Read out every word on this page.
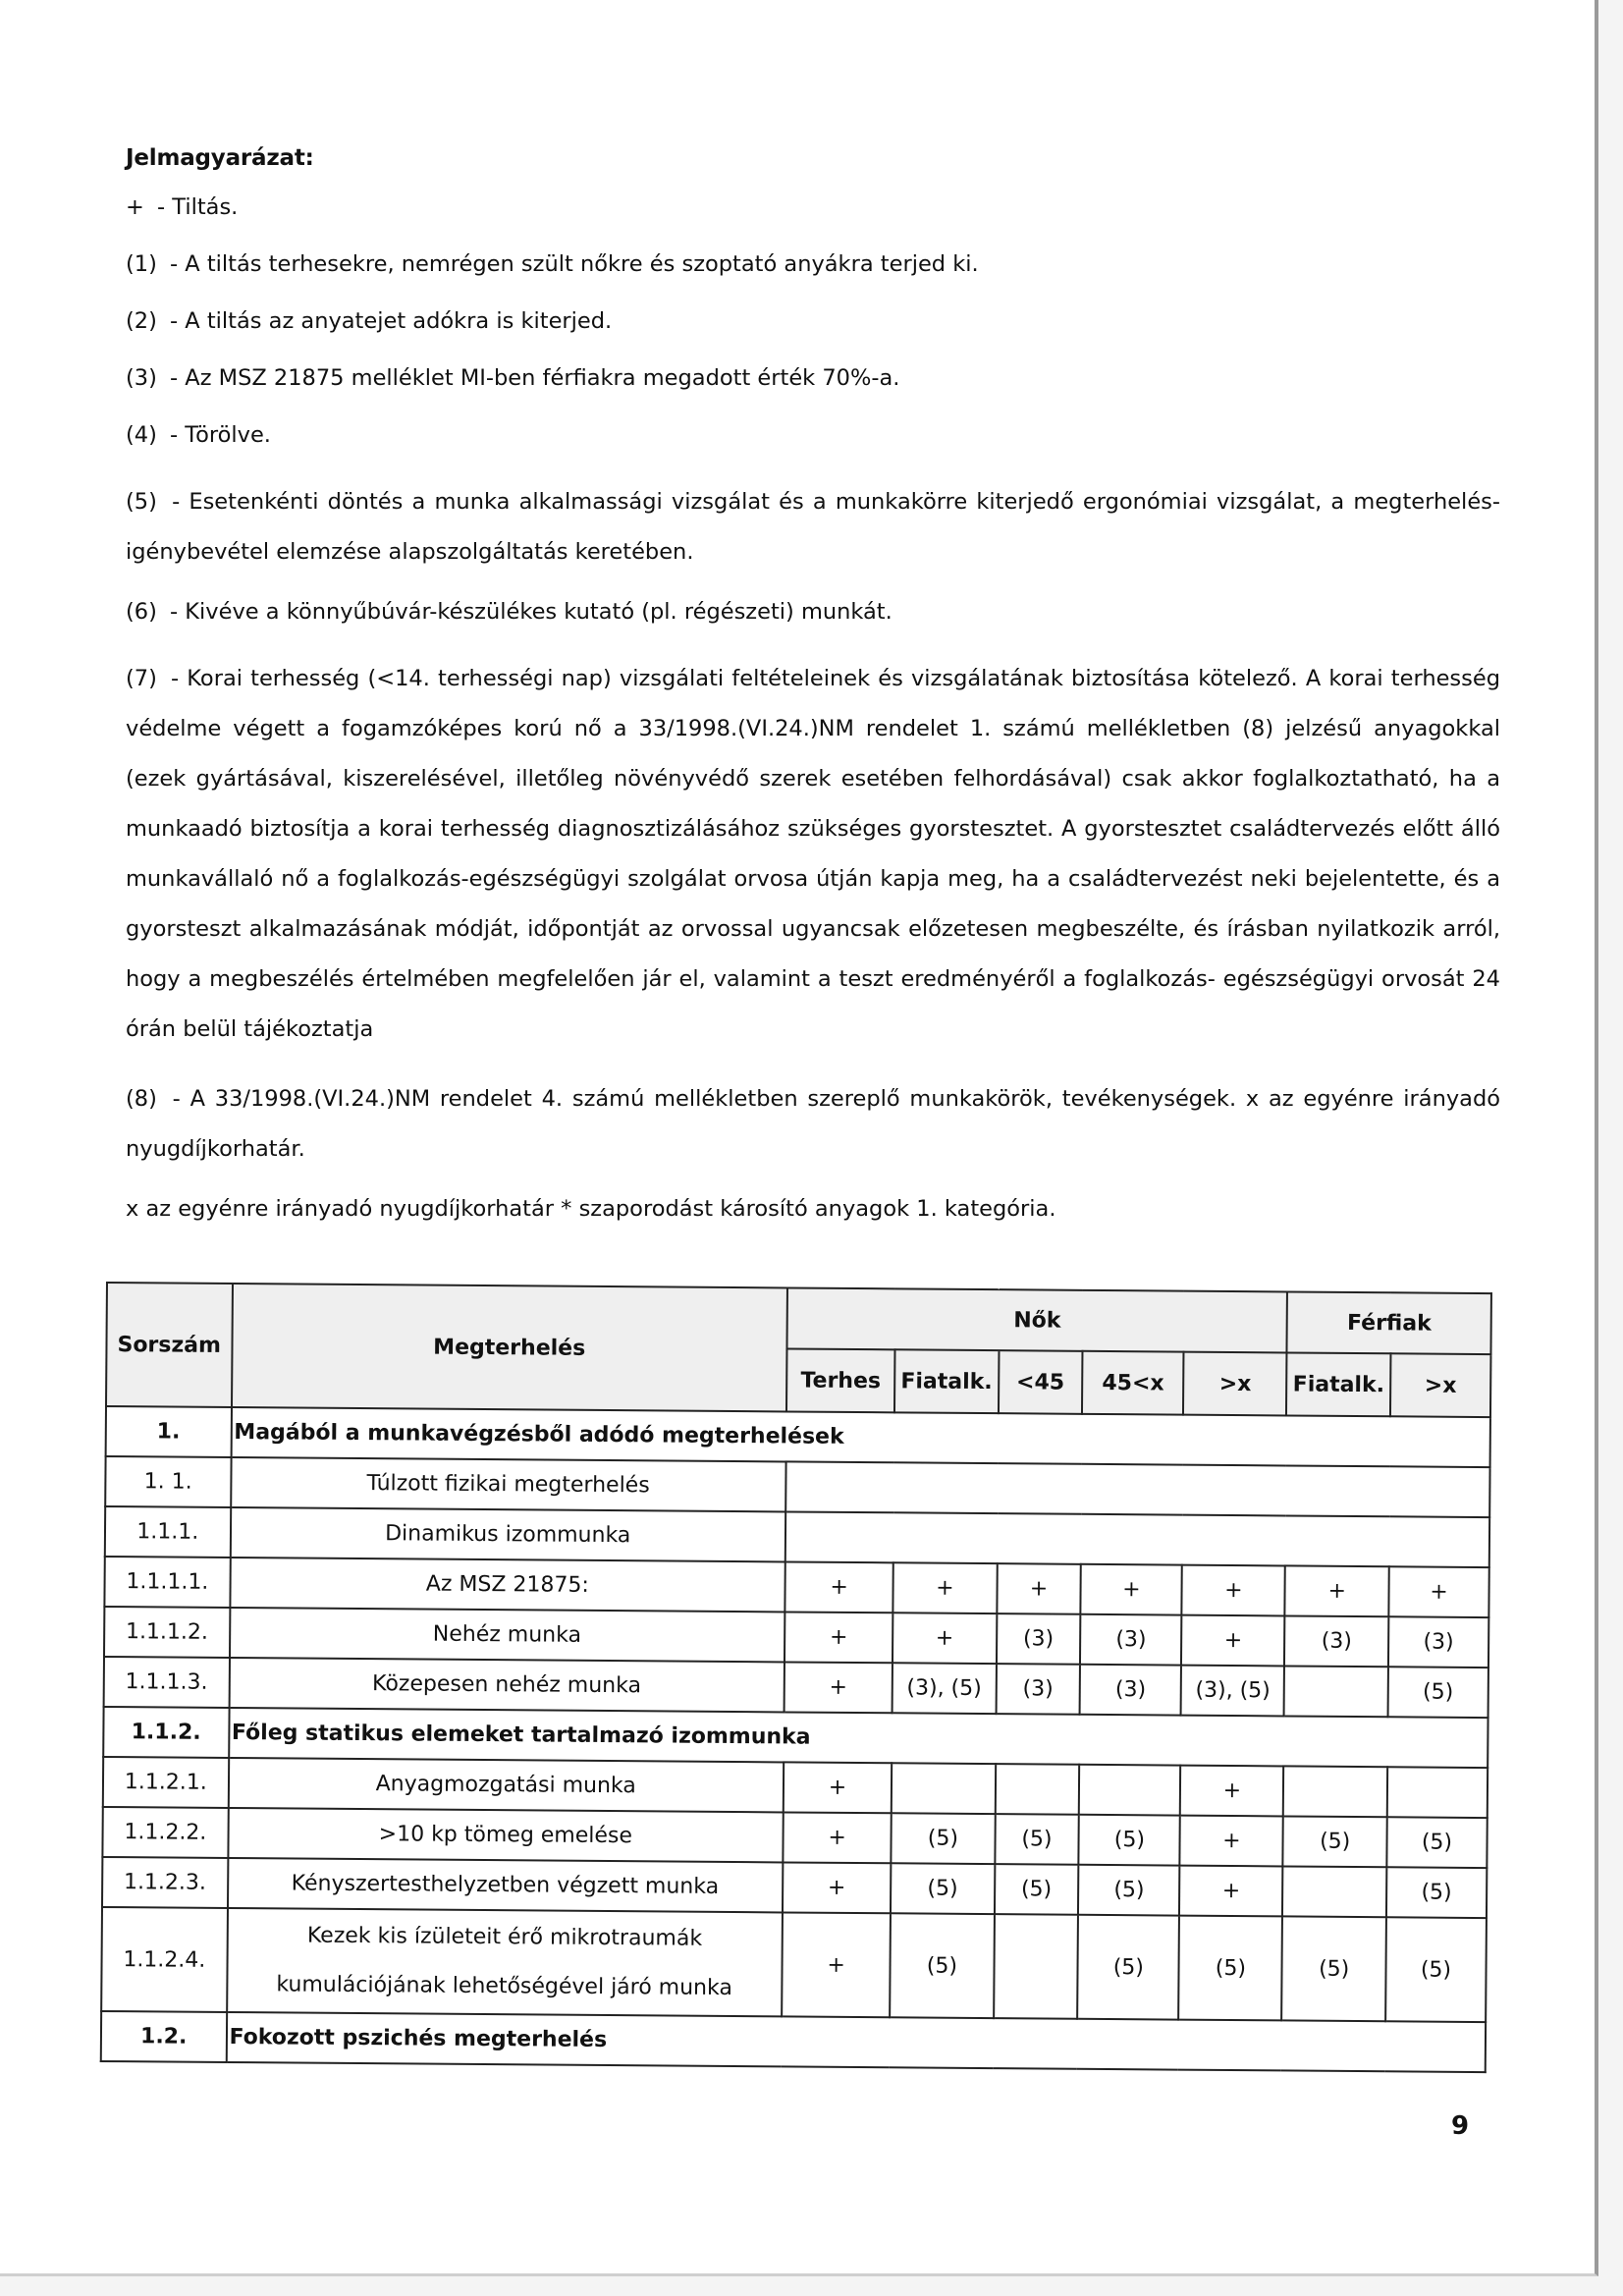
Jelmagyarázat:
+ - Tiltás.
(1) - A tiltás terhesekre, nemrégen szült nőkre és szoptató anyákra terjed ki.
(2) - A tiltás az anyatejet adókra is kiterjed.
(3) - Az MSZ 21875 melléklet MI-ben férfiakra megadott érték 70%-a.
(4) - Törölve.
(5) - Esetenkénti döntés a munka alkalmassági vizsgálat és a munkakörre kiterjedő ergonómiai vizsgálat, a megterhelés-igénybevétel elemzése alapszolgáltatás keretében.
(6) - Kivéve a könnyűbúvár-készülékes kutató (pl. régészeti) munkát.
(7) - Korai terhesség (<14. terhességi nap) vizsgálati feltételeinek és vizsgálatának biztosítása kötelező. A korai terhesség védelme végett a fogamzóképes korú nő a 33/1998.(VI.24.)NM rendelet 1. számú mellékletben (8) jelzésű anyagokkal (ezek gyártásával, kiszerelésével, illetőleg növényvédő szerek esetében felhordásával) csak akkor foglalkoztatható, ha a munkaadó biztosítja a korai terhesség diagnosztizálásához szükséges gyorstesztet. A gyorstesztet családtervezés előtt álló munkavállaló nő a foglalkozás-egészségügyi szolgálat orvosa útján kapja meg, ha a családtervezést neki bejelentette, és a gyorsteszt alkalmazásának módját, időpontját az orvossal ugyancsak előzetesen megbeszélte, és írásban nyilatkozik arról, hogy a megbeszélés értelmében megfelelően jár el, valamint a teszt eredményéről a foglalkozás- egészségügyi orvosát 24 órán belül tájékoztatja
(8) - A 33/1998.(VI.24.)NM rendelet 4. számú mellékletben szereplő munkakörök, tevékenységek. x az egyénre irányadó nyugdíjkorhatár.
x az egyénre irányadó nyugdíjkorhatár * szaporodást károsító anyagok 1. kategória.
Sorszám	Megterhelés	Nők					Férfiak	
		Terhes	Fiatalk.	<45	45<x	>x	Fiatalk.	>x
1.	Magából a munkavégzésből adódó megterhelések							
1. 1.	Túlzott fizikai megterhelés							
1.1.1.	Dinamikus izommunka							
1.1.1.1.	Az MSZ 21875:	+	+	+	+	+	+	+
1.1.1.2.	Nehéz munka	+	+	(3)	(3)	+	(3)	(3)
1.1.1.3.	Közepesen nehéz munka	+	(3), (5)	(3)	(3)	(3), (5)		(5)
1.1.2.	Főleg statikus elemeket tartalmazó izommunka							
1.1.2.1.	Anyagmozgatási munka	+				+		
1.1.2.2.	>10 kp tömeg emelése	+	(5)	(5)	(5)	+	(5)	(5)
1.1.2.3.	Kényszertesthelyzetben végzett munka	+	(5)	(5)	(5)	+		(5)
1.1.2.4.	Kezek kis ízületeit érő mikrotraumák
kumulációjának lehetőségével járó munka	+	(5)		(5)	(5)	(5)	(5)
1.2.	Fokozott pszichés megterhelés							
9
